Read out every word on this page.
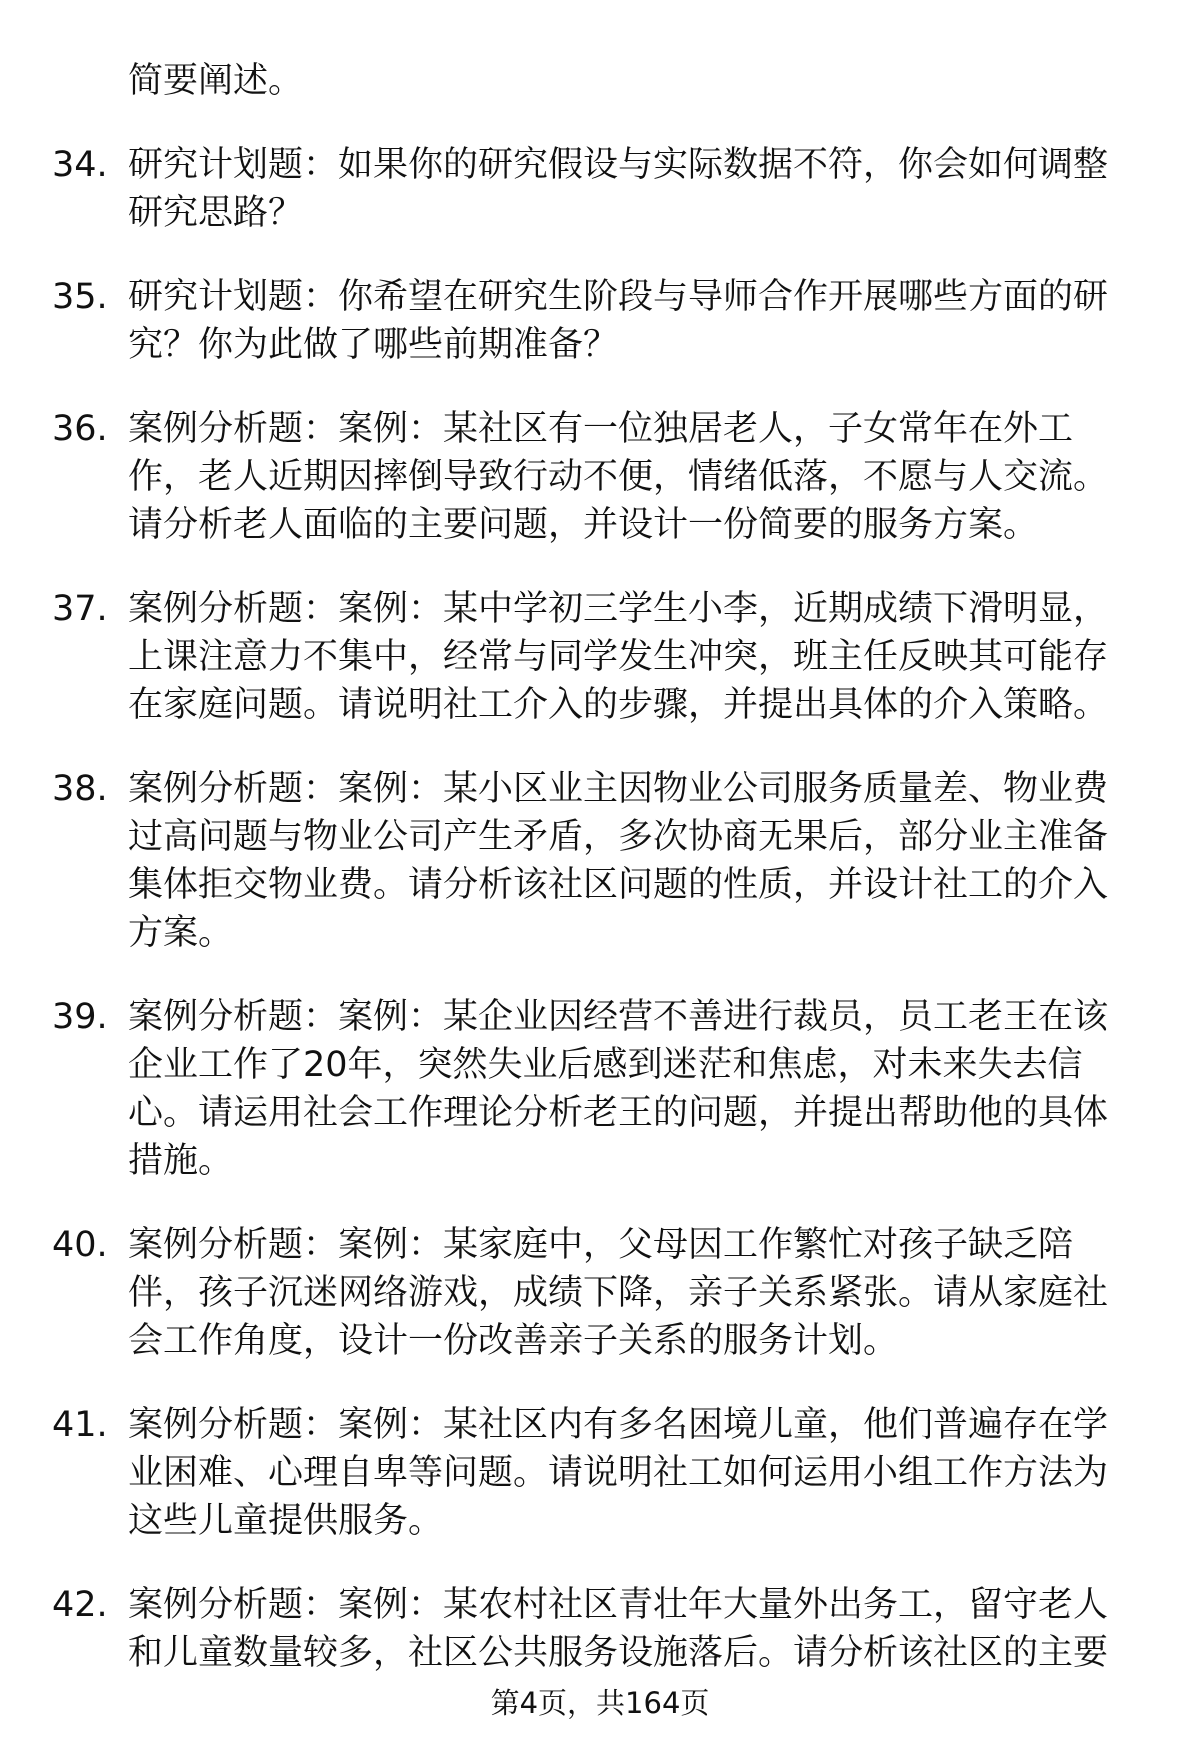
简要阐述。
34. 研究计划题：如果你的研究假设与实际数据不符，你会如何调整
研究思路？
35. 研究计划题：你希望在研究生阶段与导师合作开展哪些方面的研
究？你为此做了哪些前期准备？
36. 案例分析题：案例：某社区有一位独居老人，子女常年在外工
作，老人近期因摔倒导致行动不便，情绪低落，不愿与人交流。
请分析老人面临的主要问题，并设计一份简要的服务方案。
37. 案例分析题：案例：某中学初三学生小李，近期成绩下滑明显，
上课注意力不集中，经常与同学发生冲突，班主任反映其可能存
在家庭问题。请说明社工介入的步骤，并提出具体的介入策略。
38. 案例分析题：案例：某小区业主因物业公司服务质量差、物业费
过高问题与物业公司产生矛盾，多次协商无果后，部分业主准备
集体拒交物业费。请分析该社区问题的性质，并设计社工的介入
方案。
39. 案例分析题：案例：某企业因经营不善进行裁员，员工老王在该
企业工作了20年，突然失业后感到迷茫和焦虑，对未来失去信
心。请运用社会工作理论分析老王的问题，并提出帮助他的具体
措施。
40. 案例分析题：案例：某家庭中，父母因工作繁忙对孩子缺乏陪
伴，孩子沉迷网络游戏，成绩下降，亲子关系紧张。请从家庭社
会工作角度，设计一份改善亲子关系的服务计划。
41. 案例分析题：案例：某社区内有多名困境儿童，他们普遍存在学
业困难、心理自卑等问题。请说明社工如何运用小组工作方法为
这些儿童提供服务。
42. 案例分析题：案例：某农村社区青壮年大量外出务工，留守老人
和儿童数量较多，社区公共服务设施落后。请分析该社区的主要
第4页，共164页
